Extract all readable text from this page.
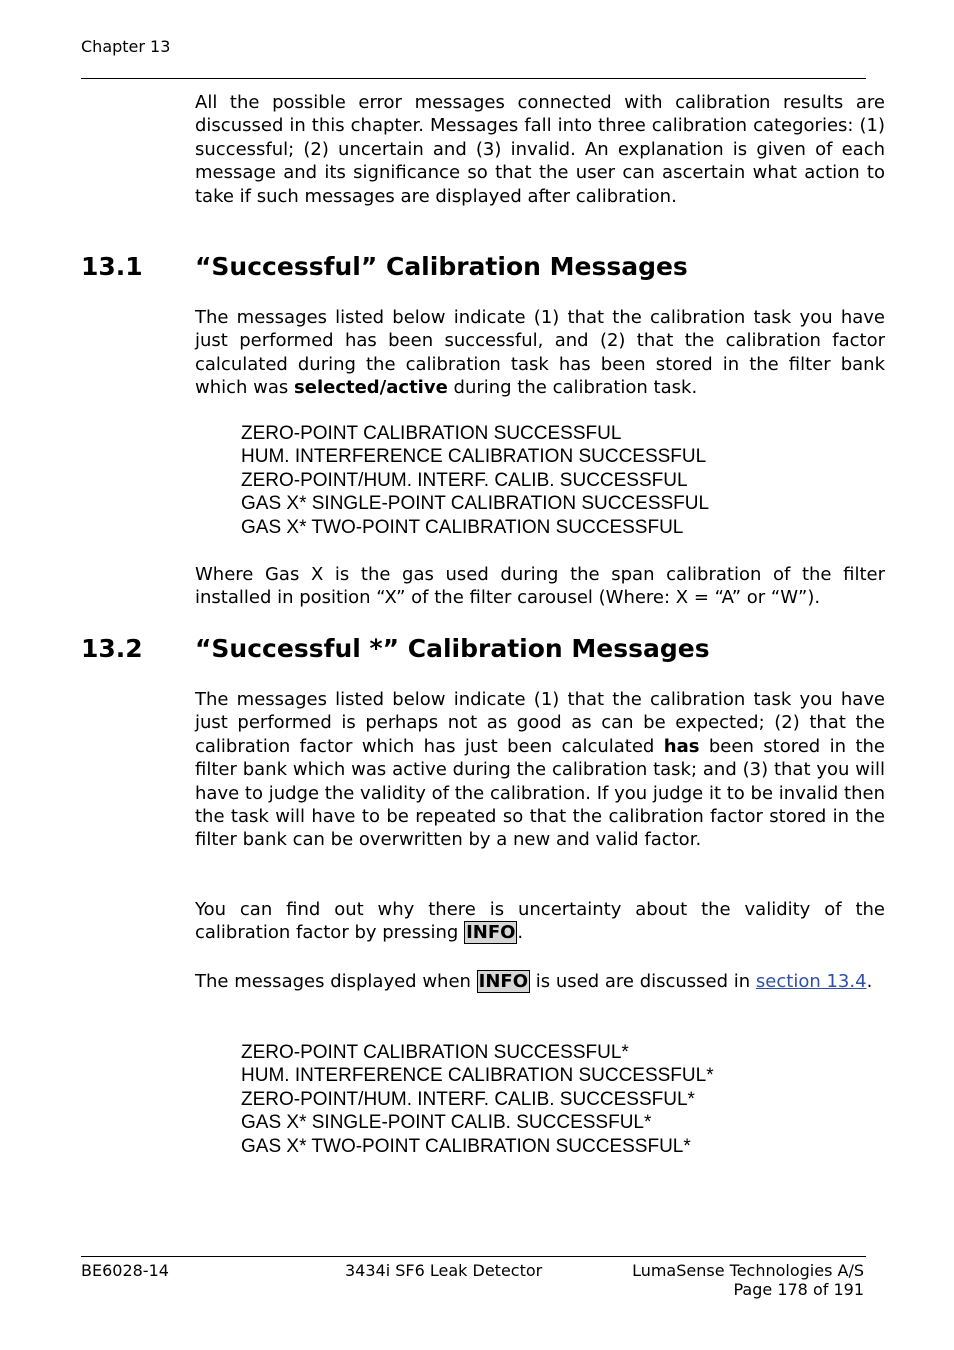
Chapter 13

All the possible error messages connected with calibration results are discussed in this chapter. Messages fall into three calibration categories: (1) successful; (2) uncertain and (3) invalid. An explanation is given of each message and its significance so that the user can ascertain what action to take if such messages are displayed after calibration.

13.1 “Successful” Calibration Messages

The messages listed below indicate (1) that the calibration task you have just performed has been successful, and (2) that the calibration factor calculated during the calibration task has been stored in the filter bank which was selected/active during the calibration task.

ZERO-POINT CALIBRATION SUCCESSFUL
HUM. INTERFERENCE CALIBRATION SUCCESSFUL
ZERO-POINT/HUM. INTERF. CALIB. SUCCESSFUL
GAS X* SINGLE-POINT CALIBRATION SUCCESSFUL
GAS X* TWO-POINT CALIBRATION SUCCESSFUL

Where Gas X is the gas used during the span calibration of the filter installed in position “X” of the filter carousel (Where: X = “A” or “W”).

13.2 “Successful *” Calibration Messages

The messages listed below indicate (1) that the calibration task you have just performed is perhaps not as good as can be expected; (2) that the calibration factor which has just been calculated has been stored in the filter bank which was active during the calibration task; and (3) that you will have to judge the validity of the calibration. If you judge it to be invalid then the task will have to be repeated so that the calibration factor stored in the filter bank can be overwritten by a new and valid factor.

You can find out why there is uncertainty about the validity of the calibration factor by pressing INFO .

The messages displayed when INFO is used are discussed in section 13.4.

ZERO-POINT CALIBRATION SUCCESSFUL*
HUM. INTERFERENCE CALIBRATION SUCCESSFUL*
ZERO-POINT/HUM. INTERF. CALIB. SUCCESSFUL*
GAS X* SINGLE-POINT CALIB. SUCCESSFUL*
GAS X* TWO-POINT CALIBRATION SUCCESSFUL*
BE6028-14	3434i SF6 Leak Detector	LumaSense Technologies A/S
Page 178 of 191
